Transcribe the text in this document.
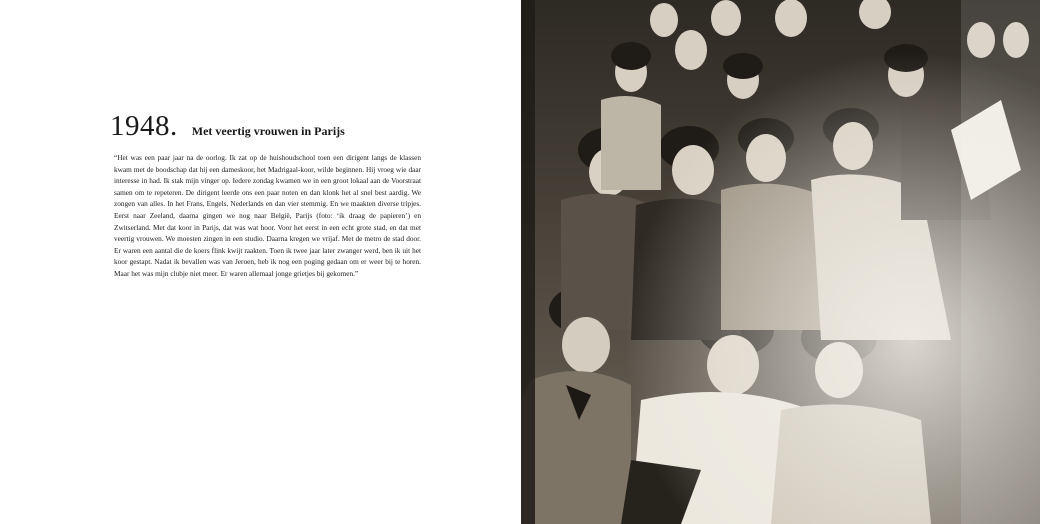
1948. Met veertig vrouwen in Parijs
“Het was een paar jaar na de oorlog. Ik zat op de huishoudschool toen een dirigent langs de klassen kwam met de boodschap dat hij een dameskoor, het Madrigaal-koor, wilde beginnen. Hij vroeg wie daar interesse in had. Ik stak mijn vinger op. Iedere zondag kwamen we in een groot lokaal aan de Voorstraat samen om te repeteren. De dirigent leerde ons een paar noten en dan klonk het al snel best aardig. We zongen van alles. In het Frans, Engels, Nederlands en dan vier stemmig. En we maakten diverse tripjes. Eerst naar Zeeland, daarna gingen we nog naar België, Parijs (foto: ‘ik draag de papieren’) en Zwitserland. Met dat koor in Parijs, dat was wat hoor. Voor het eerst in een echt grote stad, en dat met veertig vrouwen. We moesten zingen in een studio. Daarna kregen we vrijaf. Met de metro de stad door. Er waren een aantal die de koers flink kwijt raakten. Toen ik twee jaar later zwanger werd, ben ik uit het koor gestapt. Nadat ik bevallen was van Jeroen, heb ik nog een poging gedaan om er weer bij te horen. Maar het was mijn clubje niet meer. Er waren allemaal jonge grietjes bij gekomen.”
